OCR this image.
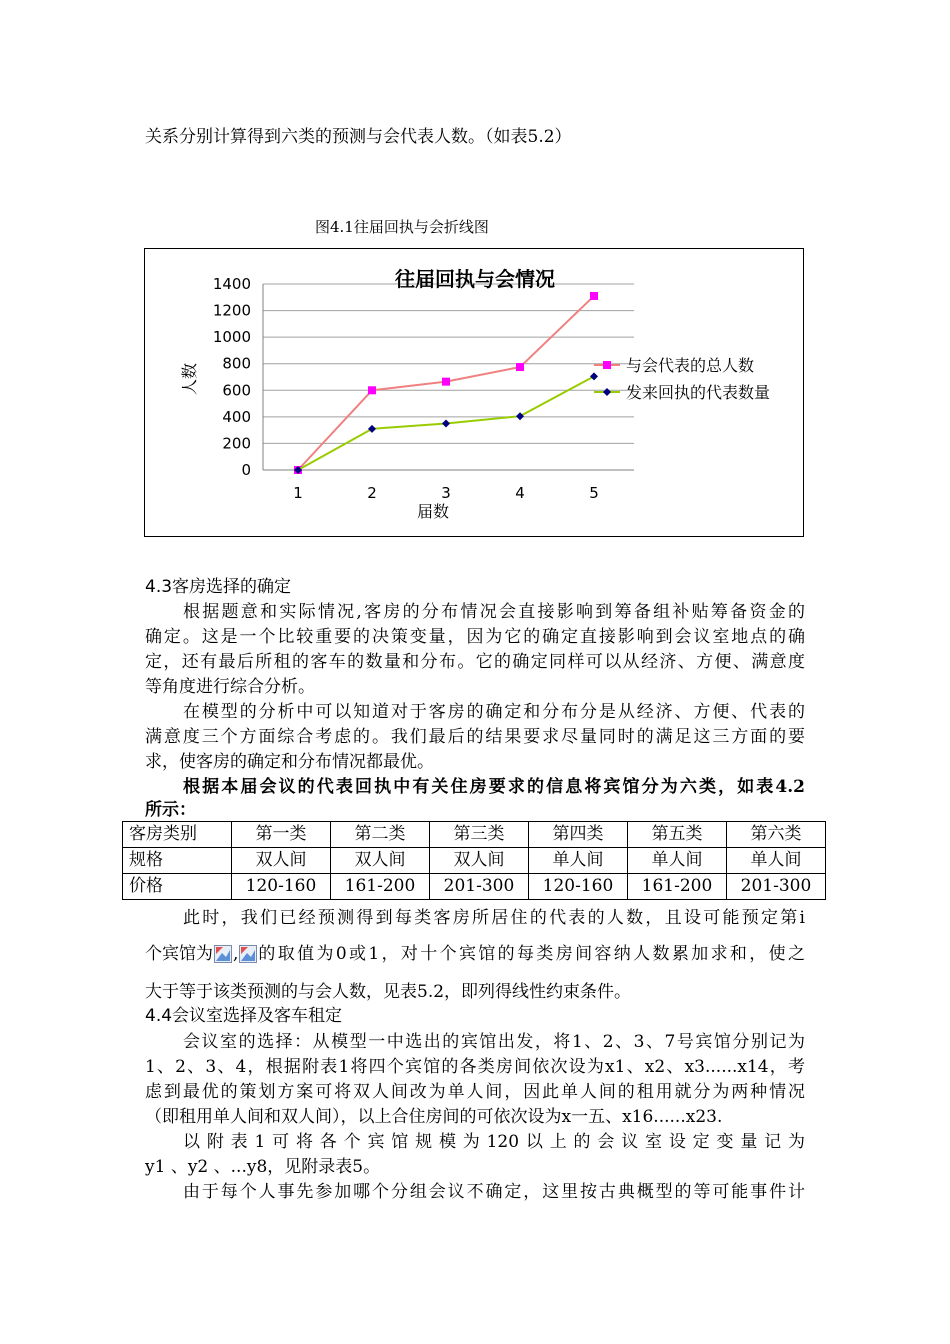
关系分别计算得到六类的预测与会代表人数。（如表5.2）
图4.1往届回执与会折线图
0
200
400
600
800
1000
1200
1400
1	2	3	4	5
往届回执与会情况
届数
人数	与会代表的总人数
发来回执的代表数量
4.3客房选择的确定
根据题意和实际情况,客房的分布情况会直接影响到筹备组补贴筹备资金的
确定。这是一个比较重要的决策变量，因为它的确定直接影响到会议室地点的确
定，还有最后所租的客车的数量和分布。它的确定同样可以从经济、方便、满意度
等角度进行综合分析。
在模型的分析中可以知道对于客房的确定和分布分是从经济、方便、代表的
满意度三个方面综合考虑的。我们最后的结果要求尽量同时的满足这三方面的要
求，使客房的确定和分布情况都最优。
根据本届会议的代表回执中有关住房要求的信息将宾馆分为六类，如表4.2
所示：
客房类别	第一类	第二类	第三类	第四类	第五类	第六类
规格	双人间	双人间	双人间	单人间	单人间	单人间
价格	120-160	161-200	201-300	120-160	161-200	201-300
此时，我们已经预测得到每类客房所居住的代表的人数，且设可能预定第i
个宾馆为 , 的取值为0或1，对十个宾馆的每类房间容纳人数累加求和，使之
大于等于该类预测的与会人数，见表5.2，即列得线性约束条件。
4.4会议室选择及客车租定
会议室的选择：从模型一中选出的宾馆出发，将1、2、3、7号宾馆分别记为
1、2、3、4，根据附表1将四个宾馆的各类房间依次设为x1、x2、x3......x14，考
虑到最优的策划方案可将双人间改为单人间，因此单人间的租用就分为两种情况
（即租用单人间和双人间），以上合住房间的可依次设为x一五、x16......x23.
以附表1可将各个宾馆规模为120以上的会议室设定变量记为
y1 、y2 、...y8，见附录表5。
由于每个人事先参加哪个分组会议不确定，这里按古典概型的等可能事件计
